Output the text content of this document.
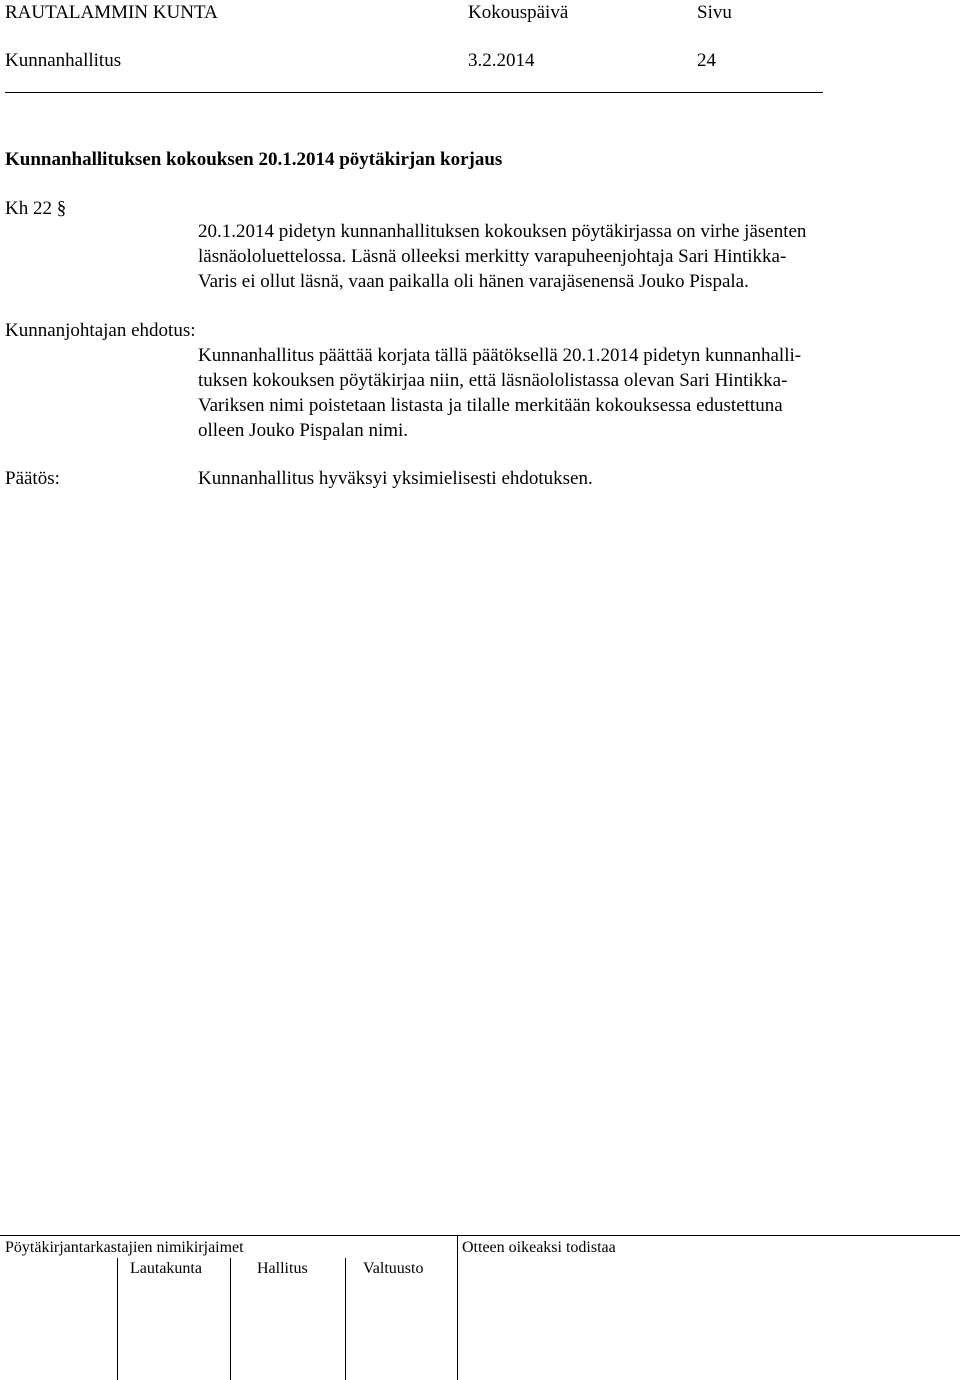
RAUTALAMMIN KUNTA	Kokouspäivä	Sivu
Kunnanhallitus	3.2.2014	24
Kunnanhallituksen kokouksen 20.1.2014 pöytäkirjan korjaus
Kh 22 §
20.1.2014 pidetyn kunnanhallituksen kokouksen pöytäkirjassa on virhe jäsenten
läsnäololuettelossa. Läsnä olleeksi merkitty varapuheenjohtaja Sari Hintikka-
Varis ei ollut läsnä, vaan paikalla oli hänen varajäsenensä Jouko Pispala.
Kunnanjohtajan ehdotus:
Kunnanhallitus päättää korjata tällä päätöksellä 20.1.2014 pidetyn kunnanhalli-
tuksen kokouksen pöytäkirjaa niin, että läsnäololistassa olevan Sari Hintikka-
Variksen nimi poistetaan listasta ja tilalle merkitään kokouksessa edustettuna
olleen Jouko Pispalan nimi.
Päätös:	Kunnanhallitus hyväksyi yksimielisesti ehdotuksen.
Pöytäkirjantarkastajien nimikirjaimet	Otteen oikeaksi todistaa
Lautakunta	Hallitus	Valtuusto
